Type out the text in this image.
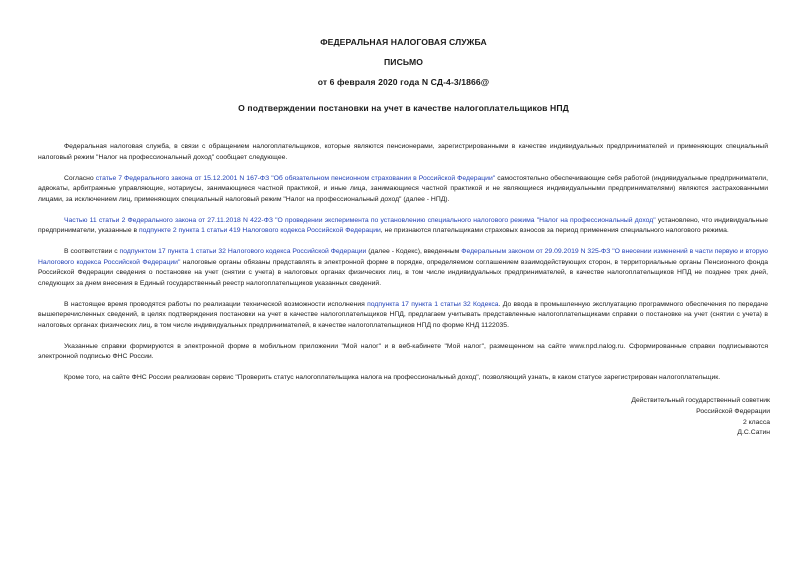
ФЕДЕРАЛЬНАЯ НАЛОГОВАЯ СЛУЖБА
ПИСЬМО
от 6 февраля 2020 года N СД-4-3/1866@
О подтверждении постановки на учет в качестве налогоплательщиков НПД

Федеральная налоговая служба, в связи с обращением налогоплательщиков, которые являются пенсионерами, зарегистрированными в качестве индивидуальных предпринимателей и применяющих специальный налоговый режим "Налог на профессиональный доход" сообщает следующее.

Согласно статье 7 Федерального закона от 15.12.2001 N 167-ФЗ "Об обязательном пенсионном страховании в Российской Федерации" самостоятельно обеспечивающие себя работой (индивидуальные предприниматели, адвокаты, арбитражные управляющие, нотариусы, занимающиеся частной практикой, и иные лица, занимающиеся частной практикой и не являющиеся индивидуальными предпринимателями) являются застрахованными лицами, за исключением лиц, применяющих специальный налоговый режим "Налог на профессиональный доход" (далее - НПД).

Частью 11 статьи 2 Федерального закона от 27.11.2018 N 422-ФЗ "О проведении эксперимента по установлению специального налогового режима "Налог на профессиональный доход" установлено, что индивидуальные предприниматели, указанные в подпункте 2 пункта 1 статьи 419 Налогового кодекса Российской Федерации, не признаются плательщиками страховых взносов за период применения специального налогового режима.

В соответствии с подпунктом 17 пункта 1 статьи 32 Налогового кодекса Российской Федерации (далее - Кодекс), введенным Федеральным законом от 29.09.2019 N 325-ФЗ "О внесении изменений в части первую и вторую Налогового кодекса Российской Федерации" налоговые органы обязаны представлять в электронной форме в порядке, определяемом соглашением взаимодействующих сторон, в территориальные органы Пенсионного фонда Российской Федерации сведения о постановке на учет (снятии с учета) в налоговых органах физических лиц, в том числе индивидуальных предпринимателей, в качестве налогоплательщиков НПД не позднее трех дней, следующих за днем внесения в Единый государственный реестр налогоплательщиков указанных сведений.

В настоящее время проводятся работы по реализации технической возможности исполнения подпункта 17 пункта 1 статьи 32 Кодекса. До ввода в промышленную эксплуатацию программного обеспечения по передаче вышеперечисленных сведений, в целях подтверждения постановки на учет в качестве налогоплательщиков НПД, предлагаем учитывать представленные налогоплательщиками справки о постановке на учет (снятии с учета) в налоговых органах физических лиц, в том числе индивидуальных предпринимателей, в качестве налогоплательщиков НПД по форме КНД 1122035.

Указанные справки формируются в электронной форме в мобильном приложении "Мой налог" и в веб-кабинете "Мой налог", размещенном на сайте www.npd.nalog.ru. Сформированные справки подписываются электронной подписью ФНС России.

Кроме того, на сайте ФНС России реализован сервис "Проверить статус налогоплательщика налога на профессиональный доход", позволяющий узнать, в каком статусе зарегистрирован налогоплательщик.

Действительный государственный советник
Российской Федерации
2 класса
Д.С.Сатин
